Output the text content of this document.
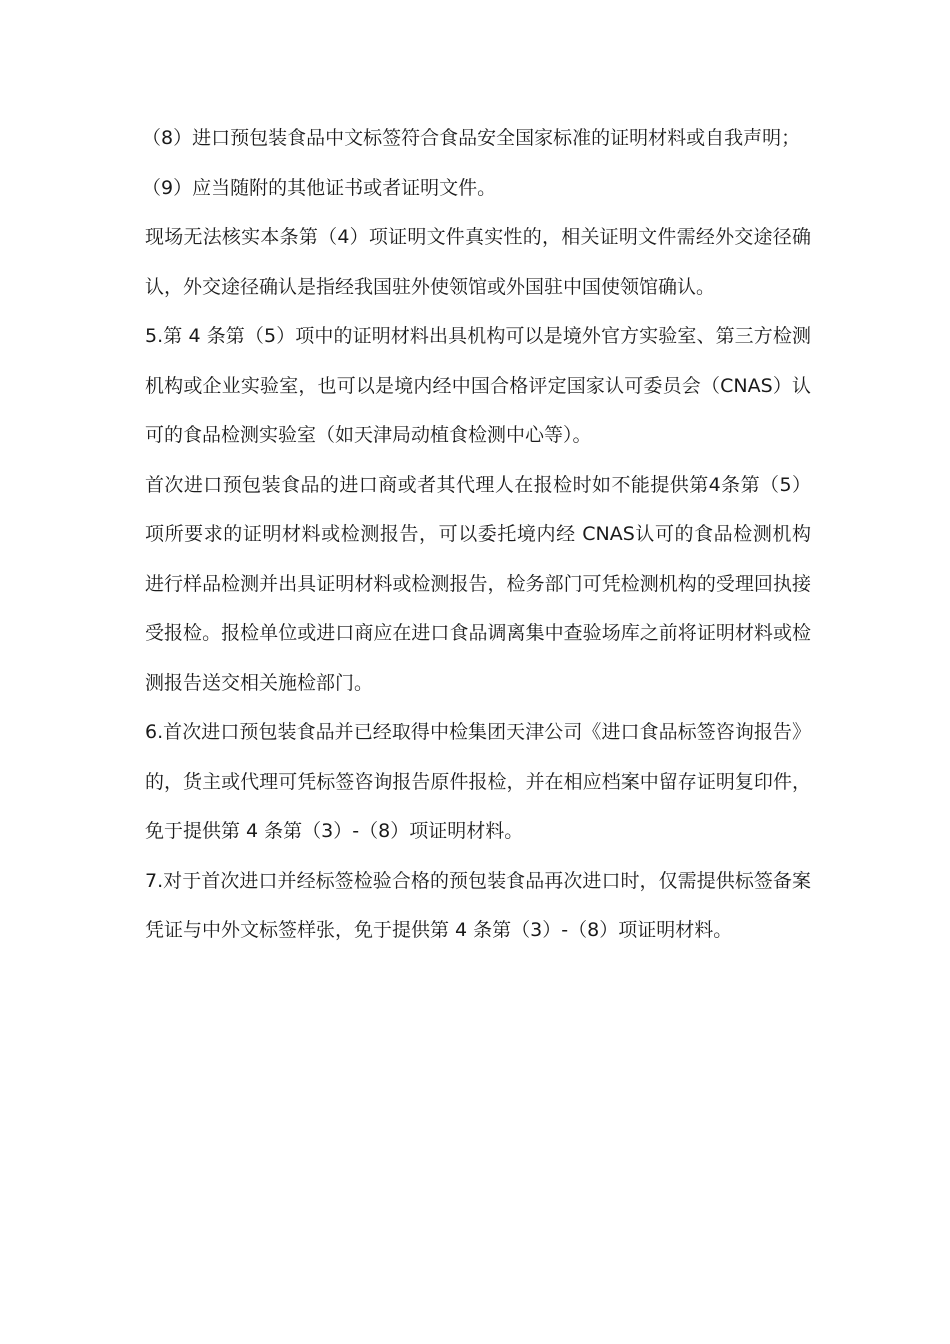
（8）进口预包装食品中文标签符合食品安全国家标准的证明材料或自我声明；

（9）应当随附的其他证书或者证明文件。

现场无法核实本条第（4）项证明文件真实性的，相关证明文件需经外交途径确认，外交途径确认是指经我国驻外使领馆或外国驻中国使领馆确认。

5.第 4 条第（5）项中的证明材料出具机构可以是境外官方实验室、第三方检测机构或企业实验室，也可以是境内经中国合格评定国家认可委员会（CNAS）认可的食品检测实验室（如天津局动植食检测中心等）。

首次进口预包装食品的进口商或者其代理人在报检时如不能提供第4条第（5）项所要求的证明材料或检测报告，可以委托境内经 CNAS认可的食品检测机构进行样品检测并出具证明材料或检测报告，检务部门可凭检测机构的受理回执接受报检。报检单位或进口商应在进口食品调离集中查验场库之前将证明材料或检测报告送交相关施检部门。

6.首次进口预包装食品并已经取得中检集团天津公司《进口食品标签咨询报告》的，货主或代理可凭标签咨询报告原件报检，并在相应档案中留存证明复印件，免于提供第 4 条第（3）-（8）项证明材料。

7.对于首次进口并经标签检验合格的预包装食品再次进口时，仅需提供标签备案凭证与中外文标签样张，免于提供第 4 条第（3）-（8）项证明材料。
